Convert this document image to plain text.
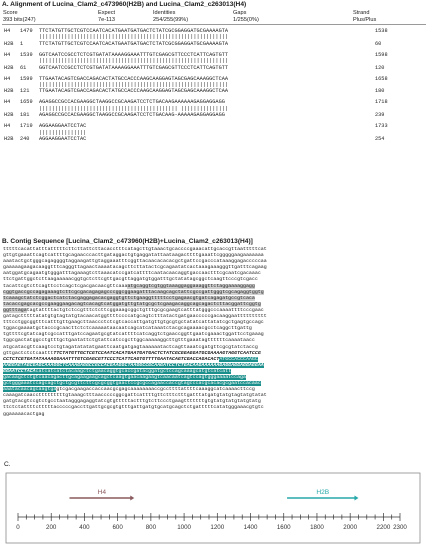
A. Alignment of Lucina_Clam2_c473960(H2B) and Lucina_Clam2_c263013(H4)
Score	Expect	Identities	Gaps	Strand
393 bits(247)	7e-113	254/255(99%)	1/255(0%)	Plus/Plus
H4	1479	TTCTATGTTGCTCGTCCAATCACATGAATGATGACTCTATCGCGGAGGATGCGAAAAGTA	1538
||||||||||||||||||||||||||||||||||||||||||||||||||||||||||||
H2B	1	TTCTATGTTGCTCGTCCAATCACATGAATGATGACTCTATCGCGGAGGATGCGAAAAGTA	60
H4	1539	GGTCAATCCGCCTCTCGTGATATAAAAGGAAATTTGTCGAGCGTTCCCTCATTCAGTGTT	1598
||||||||||||||||||||||||||||||||||||||||||||||||||||||||||||
H2B	61	GGTCAATCCGCCTCTCGTGATATAAAAGGAAATTTGTCGAGCGTTCCCTCATTCAGTGTT	120
H4	1599	TTGAATACAGTCGACCAGACACTATGCCACCCAAGCAAGGAGTAGCGAGCAAAGGCTCAA	1658
||||||||||||||||||||||||||||||||||||||||||||||||||||||||||||
H2B	121	TTGAATACAGTCGACCAGACACTATGCCACCCAAGCAAGGAGTAGCGAGCAAAGGCTCAA	180
H4	1659	AGAGGCCGCCACGAAGGCTAAGGCCGCAAGATCCTCTGACAAGAAAAAAGAGGAGGAGG	1718
|||||||||||||||||||||||||||||||||||||||||||| |||||||||||||||
H2B	181	AGAGGCCGCCACGAAGGCTAAGGCCGCAAGATCCTCTGACAAG-AAAAAGAGGAGGAGG	239
H4	1719	AGGAAGGAATCCTAC	1733
|||||||||||||||
H2B	240	AGGAAGGAATCCTAC	254
B. Contig Sequence [Lucina_Clam2_c473960(H2B)+Lucina_Clam2_c263013(H4)]
tttttcacattatttatttttcttcttattcttacacctttcatagcttgtaaactgcaccccgaaacattgcaccgttaatttttcat
gttgtgaaattcagtcattttgcagaacccacttgataggactgtgaggatattaataagacttttgaaattcgggggaagaaaaaaa
aaatactgctgggcagaggggtaggaagattgtaggaaatttcggttacaacacacacgctgattccgacccataaaggagacccccaa
gaaaaagaagacaaggtttcagggttagaactaaaatacagcttcttatactcgcagaatatcactaaagaaagggttgatttcagaag
aatggatgcagaatgtgggatttagaaagtcttaaacatccgatcattttcaatacaacaggtgaccaactttcgcaatcgacaaac
ttctgattggctcttaagaaaaacggtgctcttcgttgacgttaggatgtggatttgctatatagcggctcaagttcccgtcgacc
tacattcgtcttcagttcctcagctcgacgacaacgttcaaaatgcaggtcgtggtaaaggaggaaaggttctaggaaaaggagg
cggtgaccgccagagaaagtcttcgcgacagagagcccggcggaagatttacaagcagctattcgccgattgggtcgcagaggtggtg
tcaaagctatctcggactcatctacgaggagacacgaggtgttctgaaggtttttcctgagaacgtgatcagagatgccgtcaca
tacaccgagcacgccgaaggaagacagtcacagtcatggatgttgtatgcgctcgaagacaggcagcagactcttacggattcggtg
ggtttagatagtattttactgtctccgtttctcttcggaaagcggctgtttgcgcgaagtcatttatgggcccaaaattttcccgaac
gatagctttttatatgtgtagtatgtacaacatggttttccccatgcagtctttatactgatgaacccccgacaaggaatttttttttt
tttcctggcggtttcatttgttgaagcttaaccctctcgtcaccattgatgttgtgcgtgctatatcattatatcgctgagtgccagc
tggacgaaaatgctacccgcaacttctctcaaaaataacaatcagcatcataaatctacgcagaaaacgcctcaggcttgattg
tgttttcgtatcagtcgccatttgatccagaatgcgtatcattttcatcaggtctgaaccggttgaatcgaaactggattcctgaaag
tggcgactatggcctgtttgctgaatattctgtattcatccgcttggcaaaaaggcttgtttgaaatagttttttcaaaataacc
atgcatacgttcaagtcctgtagatatatatgaattcaatgatgagtaaaaaatactcagttaaatcgatgttcgcgtatctaccg
gttgactctctcaatttTTCTATGTTGCTCGTCCAATCACATGAATGATGACTCTATCGCGGAGGATGCGAAAAGTAGGTCAATCCG
CCTCTCGTGATATAAAAGGAAATTTGTCGAGCGTTCCCTCATTCAGTGTTTTGAATACAGTCGACCAGACACTATGCCACCCAAGC
AAGGAGTAGCGAGCAAAGGCTCAAAGAGGCCGCCACGAAGGCTAAGGCCGCAAGATCCTCTGACAAGAAAAAAGAGGAGGAGGAGGAA
GGAATCCTACAcatcatcatctacaagctctgaacaggtgcaccgatacggatgctccagcaaagcatgtcatcatt
gacaagctctgtcaacagacttgcagaagaagcagctcaagtgaacaagaagtcaacaatcagtccagtgggaaaatccaga
gctgggaaatccagcagctgctgcgttcttcgcgcggtgaactccgcgccagaaccaccgtagcccacgcacacgcgaatccacaac
aaatacaacagcaagtgagtcgacgaagaccaccaacgcgagcaaaaaaaaccgccttttattttcaaaggcatcaaaacttccg
caaagatcaacctttttttttgtaaagctttaacccccggcgattcattttgttctttctttgatttatgatgtatgtagtatgtatat
gatgtacgtccgtctgcctaatagggagaggtatcgtgtttttactttgtcttccctgaagtttttttgtgtatgtatgtatgtatg
ttctctattttctttttacccccgaccttgattgcgcgtgtttgattgatgtgcatgcagctctgatttttcatatgggaaacgtgtc
ggaaaaacactgag
C.
0	200	400	600	800	1000	1200	1400	1600	1800	2000	2200 2300
H4	H2B
